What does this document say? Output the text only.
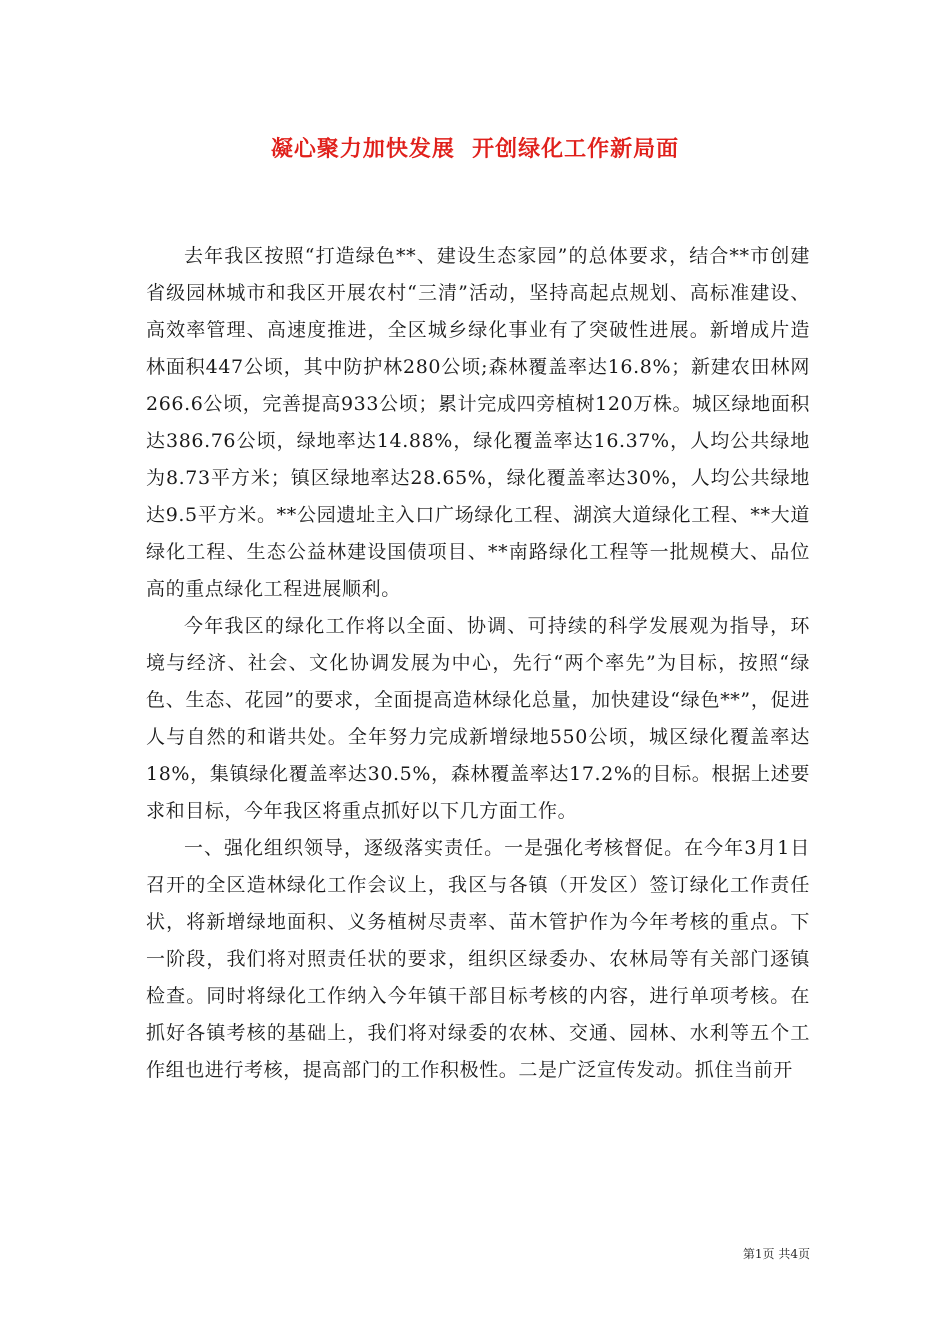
凝心聚力加快发展  开创绿化工作新局面

去年我区按照“打造绿色**、建设生态家园”的总体要求，结合**市创建省级园林城市和我区开展农村“三清”活动，坚持高起点规划、高标准建设、高效率管理、高速度推进，全区城乡绿化事业有了突破性进展。新增成片造林面积447公顷，其中防护林280公顷;森林覆盖率达16.8%；新建农田林网266.6公顷，完善提高933公顷；累计完成四旁植树120万株。城区绿地面积达386.76公顷，绿地率达14.88%，绿化覆盖率达16.37%，人均公共绿地为8.73平方米；镇区绿地率达28.65%，绿化覆盖率达30%，人均公共绿地达9.5平方米。**公园遗址主入口广场绿化工程、湖滨大道绿化工程、**大道绿化工程、生态公益林建设国债项目、**南路绿化工程等一批规模大、品位高的重点绿化工程进展顺利。

今年我区的绿化工作将以全面、协调、可持续的科学发展观为指导，环境与经济、社会、文化协调发展为中心，先行“两个率先”为目标，按照“绿色、生态、花园”的要求，全面提高造林绿化总量，加快建设“绿色**”，促进人与自然的和谐共处。全年努力完成新增绿地550公顷，城区绿化覆盖率达18%，集镇绿化覆盖率达30.5%，森林覆盖率达17.2%的目标。根据上述要求和目标，今年我区将重点抓好以下几方面工作。

一、强化组织领导，逐级落实责任。一是强化考核督促。在今年3月1日召开的全区造林绿化工作会议上，我区与各镇（开发区）签订绿化工作责任状，将新增绿地面积、义务植树尽责率、苗木管护作为今年考核的重点。下一阶段，我们将对照责任状的要求，组织区绿委办、农林局等有关部门逐镇检查。同时将绿化工作纳入今年镇干部目标考核的内容，进行单项考核。在抓好各镇考核的基础上，我们将对绿委的农林、交通、园林、水利等五个工作组也进行考核，提高部门的工作积极性。二是广泛宣传发动。抓住当前开

第1页 共4页
